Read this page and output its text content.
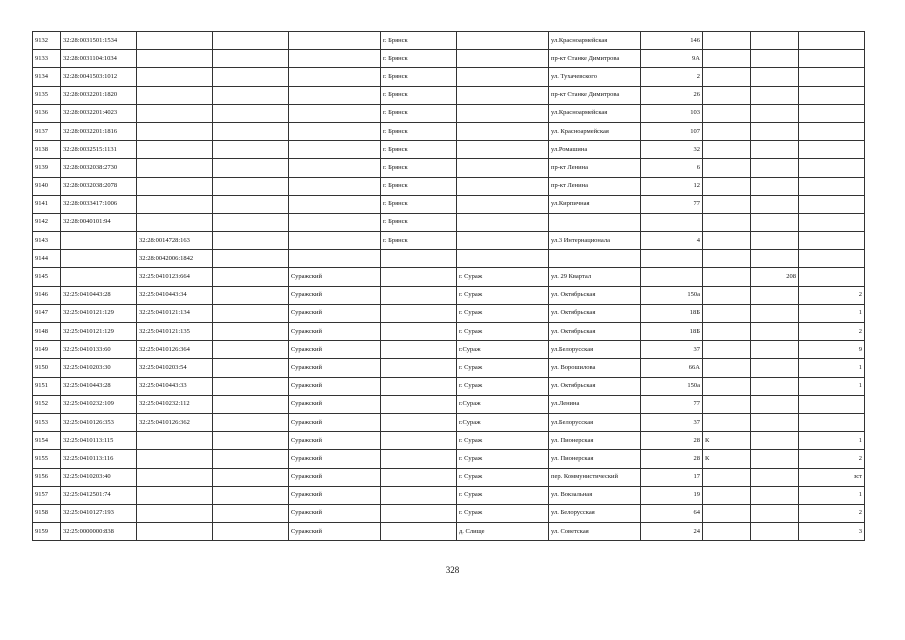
9132	32:28:0031501:1534				г. Брянск		ул.Красноармейская	146			
9133	32:28:0031104:1034				г. Брянск		пр-кт Станке Димитрова	9А			
9134	32:28:0041503:1012				г. Брянск		ул. Тухачевского	2			
9135	32:28:0032201:1820				г. Брянск		пр-кт Станке Димитрова	26			
9136	32:28:0032201:4023				г. Брянск		ул.Красноармейская	103			
9137	32:28:0032201:1816				г. Брянск		ул. Красноармейская	107			
9138	32:28:0032515:1131				г. Брянск		ул.Ромашина	32			
9139	32:28:0032038:2730				г. Брянск		пр-кт Ленина	6			
9140	32:28:0032038:2078				г. Брянск		пр-кт Ленина	12			
9141	32:28:0033417:1006				г. Брянск		ул.Кирпичная	77			
9142	32:28:0040101:94				г. Брянск						
9143		32:28:0014728:163			г. Брянск		ул.3 Интернационала	4			
9144		32:28:0042006:1842									
9145		32:25:0410123:664		Суражский		г. Сураж	ул. 29 Квартал			208	
9146	32:25:0410443:28	32:25:0410443:34		Суражский		г. Сураж	ул. Октябрьская	150а			2
9147	32:25:0410121:129	32:25:0410121:134		Суражский		г. Сураж	ул. Октябрьская	18Б			1
9148	32:25:0410121:129	32:25:0410121:135		Суражский		г. Сураж	ул. Октябрьская	18Б			2
9149	32:25:0410133:60	32:25:0410126:364		Суражский		г.Сураж	ул.Белорусская	37			9
9150	32:25:0410203:30	32:25:0410203:54		Суражский		г. Сураж	ул. Ворошилова	66А			1
9151	32:25:0410443:28	32:25:0410443:33		Суражский		г. Сураж	ул. Октябрьская	150а			1
9152	32:25:0410232:109	32:25:0410232:112		Суражский		г.Сураж	ул.Ленина	77			
9153	32:25:0410126:353	32:25:0410126:362		Суражский		г.Сураж	ул.Белорусская	37			
9154	32:25:0410113:115			Суражский		г. Сураж	ул. Пионерская	28	К		1
9155	32:25:0410113:116			Суражский		г. Сураж	ул. Пионерская	28	К		2
9156	32:25:0410203:40			Суражский		г. Сураж	пер. Коммунистический	17			зст
9157	32:25:0412501:74			Суражский		г. Сураж	ул. Вокзальная	19			1
9158	32:25:0410127:193			Суражский		г. Сураж	ул. Белорусская	64			2
9159	32:25:0000000:838			Суражский		д. Слище	ул. Советская	24			3
328
